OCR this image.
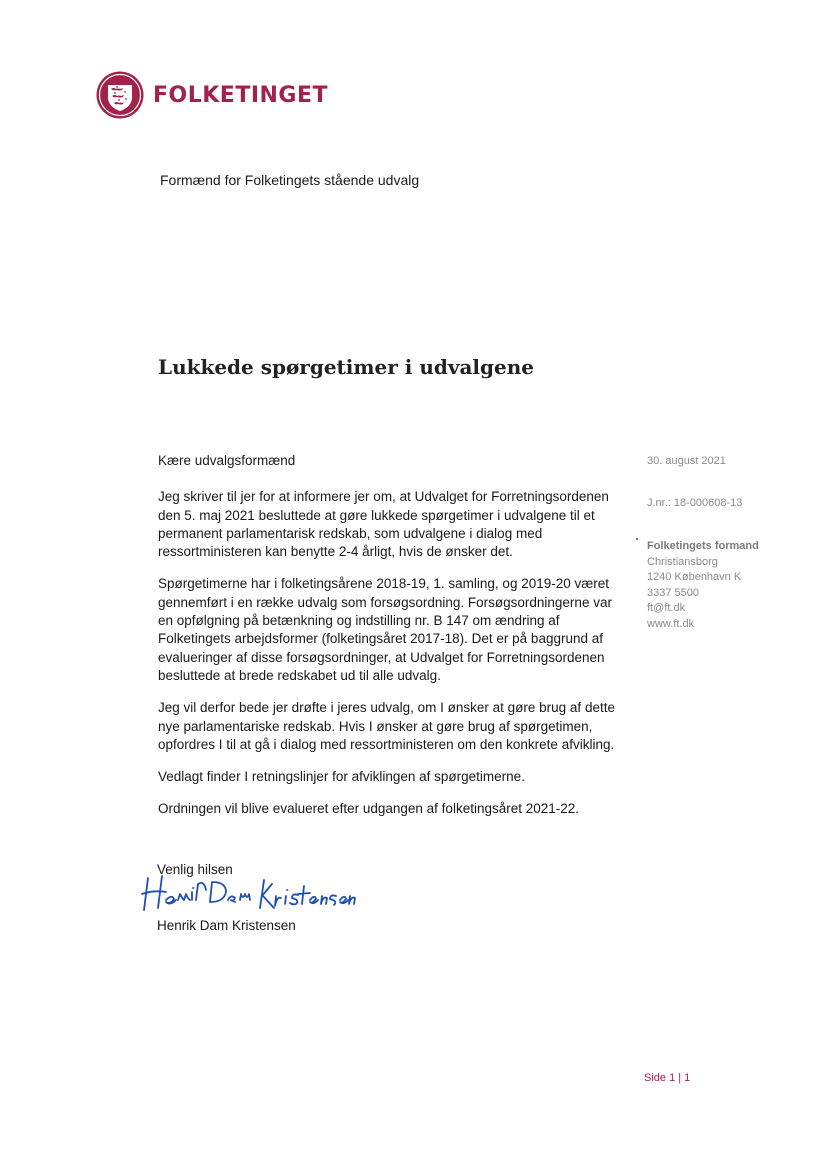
FOLKETINGET
Formænd for Folketingets stående udvalg
Lukkede spørgetimer i udvalgene

Kære udvalgsformænd

Jeg skriver til jer for at informere jer om, at Udvalget for Forretningsordenen den 5. maj 2021 besluttede at gøre lukkede spørgetimer i udvalgene til et permanent parlamentarisk redskab, som udvalgene i dialog med ressortministeren kan benytte 2-4 årligt, hvis de ønsker det.

Spørgetimerne har i folketingsårene 2018-19, 1. samling, og 2019-20 været gennemført i en række udvalg som forsøgsordning. Forsøgsordningerne var en opfølgning på betænkning og indstilling nr. B 147 om ændring af Folketingets arbejdsformer (folketingsåret 2017-18). Det er på baggrund af evalueringer af disse forsøgsordninger, at Udvalget for Forretningsordenen besluttede at brede redskabet ud til alle udvalg.

Jeg vil derfor bede jer drøfte i jeres udvalg, om I ønsker at gøre brug af dette nye parlamentariske redskab. Hvis I ønsker at gøre brug af spørgetimen, opfordres I til at gå i dialog med ressortministeren om den konkrete afvikling.

Vedlagt finder I retningslinjer for afviklingen af spørgetimerne.

Ordningen vil blive evalueret efter udgangen af folketingsåret 2021-22.

30. august 2021
J.nr.: 18-000608-13
Folketingets formand
Christiansborg
1240 København K
3337 5500
ft@ft.dk
www.ft.dk
Venlig hilsen
Henrik Dam Kristensen
Side 1 | 1
